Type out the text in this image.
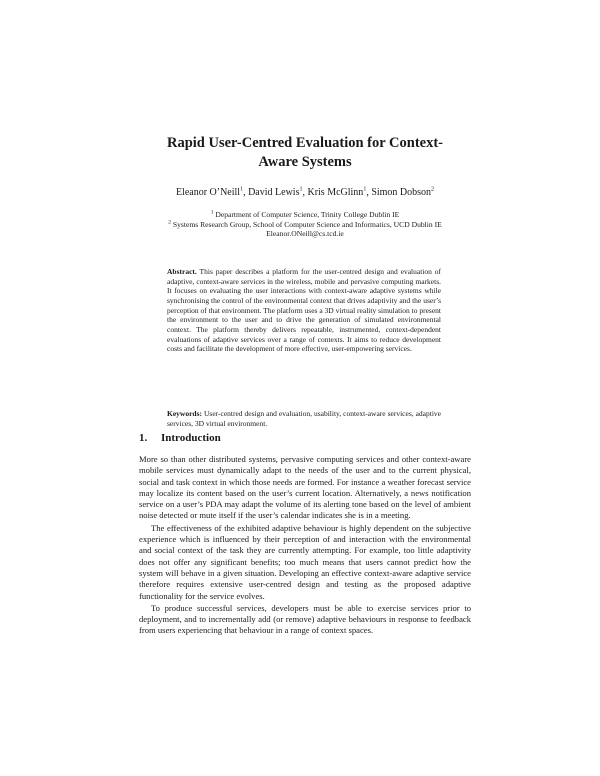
Rapid User-Centred Evaluation for Context-Aware Systems
Eleanor O’Neill$^1$, David Lewis$^1$, Kris McGlinn$^1$, Simon Dobson$^2$
$^1$ Department of Computer Science, Trinity College Dublin IE
$^2$ Systems Research Group, School of Computer Science and Informatics, UCD Dublin IE
Eleanor.ONeill@cs.tcd.ie
Abstract. This paper describes a platform for the user-centred design and evaluation of adaptive, context-aware services in the wireless, mobile and pervasive computing markets. It focuses on evaluating the user interactions with context-aware adaptive systems while synchronising the control of the environmental context that drives adaptivity and the user’s perception of that environment. The platform uses a 3D virtual reality simulation to present the environment to the user and to drive the generation of simulated environmental context. The platform thereby delivers repeatable, instrumented, context-dependent evaluations of adaptive services over a range of contexts. It aims to reduce development costs and facilitate the development of more effective, user-empowering services.
Keywords: User-centred design and evaluation, usability, context-aware services, adaptive services, 3D virtual environment.
1. Introduction

More so than other distributed systems, pervasive computing services and other context-aware mobile services must dynamically adapt to the needs of the user and to the current physical, social and task context in which those needs are formed. For instance a weather forecast service may localize its content based on the user’s current location. Alternatively, a news notification service on a user’s PDA may adapt the volume of its alerting tone based on the level of ambient noise detected or mute itself if the user’s calendar indicates she is in a meeting.

The effectiveness of the exhibited adaptive behaviour is highly dependent on the subjective experience which is influenced by their perception of and interaction with the environmental and social context of the task they are currently attempting. For example, too little adaptivity does not offer any significant benefits; too much means that users cannot predict how the system will behave in a given situation. Developing an effective context-aware adaptive service therefore requires extensive user-centred design and testing as the proposed adaptive functionality for the service evolves.

To produce successful services, developers must be able to exercise services prior to deployment, and to incrementally add (or remove) adaptive behaviours in response to feedback from users experiencing that behaviour in a range of context spaces.
